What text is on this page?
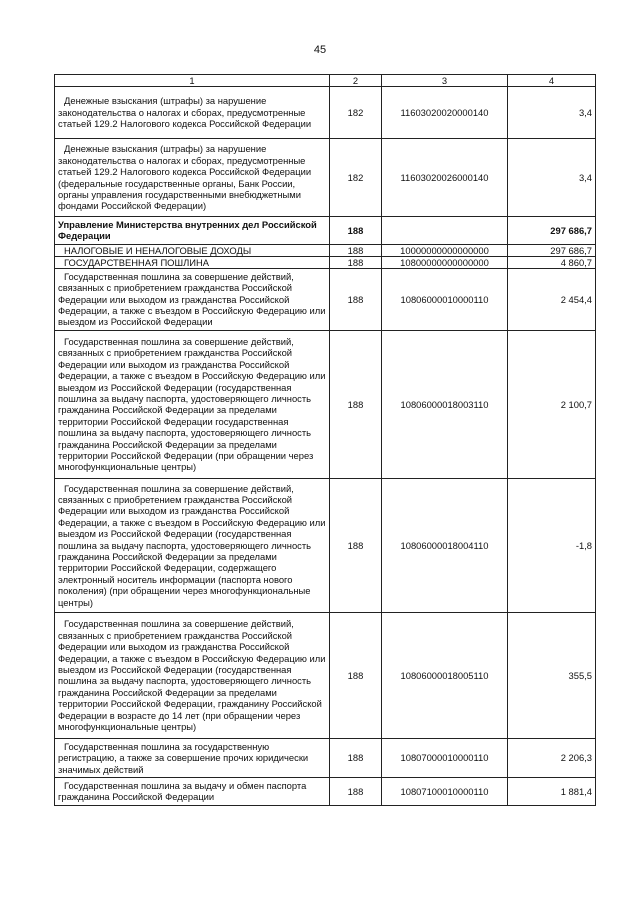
45
1	2	3	4
Денежные взыскания (штрафы) за нарушение законодательства о налогах и сборах, предусмотренные статьей 129.2 Налогового кодекса Российской Федерации	182	11603020020000140	3,4
Денежные взыскания (штрафы) за нарушение законодательства о налогах и сборах, предусмотренные статьей 129.2 Налогового кодекса Российской Федерации (федеральные государственные органы, Банк России, органы управления государственными внебюджетными фондами Российской Федерации)	182	11603020026000140	3,4
Управление Министерства внутренних дел Российской Федерации	188		297 686,7
НАЛОГОВЫЕ И НЕНАЛОГОВЫЕ ДОХОДЫ	188	10000000000000000	297 686,7
ГОСУДАРСТВЕННАЯ ПОШЛИНА	188	10800000000000000	4 860,7
Государственная пошлина за совершение действий, связанных с приобретением гражданства Российской Федерации или выходом из гражданства Российской Федерации, а также с въездом в Российскую Федерацию или выездом из Российской Федерации	188	10806000010000110	2 454,4
Государственная пошлина за совершение действий, связанных с приобретением гражданства Российской Федерации или выходом из гражданства Российской Федерации, а также с въездом в Российскую Федерацию или выездом из Российской Федерации (государственная пошлина за выдачу паспорта, удостоверяющего личность гражданина Российской Федерации за пределами территории Российской Федерации государственная пошлина за выдачу паспорта, удостоверяющего личность гражданина Российской Федерации за пределами территории Российской Федерации (при обращении через многофункциональные центры)	188	10806000018003110	2 100,7
Государственная пошлина за совершение действий, связанных с приобретением гражданства Российской Федерации или выходом из гражданства Российской Федерации, а также с въездом в Российскую Федерацию или выездом из Российской Федерации (государственная пошлина за выдачу паспорта, удостоверяющего личность гражданина Российской Федерации за пределами территории Российской Федерации, содержащего электронный носитель информации (паспорта нового поколения) (при обращении через многофункциональные центры)	188	10806000018004110	-1,8
Государственная пошлина за совершение действий, связанных с приобретением гражданства Российской Федерации или выходом из гражданства Российской Федерации, а также с въездом в Российскую Федерацию или выездом из Российской Федерации (государственная пошлина за выдачу паспорта, удостоверяющего личность гражданина Российской Федерации за пределами территории Российской Федерации, гражданину Российской Федерации в возрасте до 14 лет (при обращении через многофункциональные центры)	188	10806000018005110	355,5
Государственная пошлина за государственную регистрацию, а также за совершение прочих юридически значимых действий	188	10807000010000110	2 206,3
Государственная пошлина за выдачу и обмен паспорта гражданина Российской Федерации	188	10807100010000110	1 881,4
